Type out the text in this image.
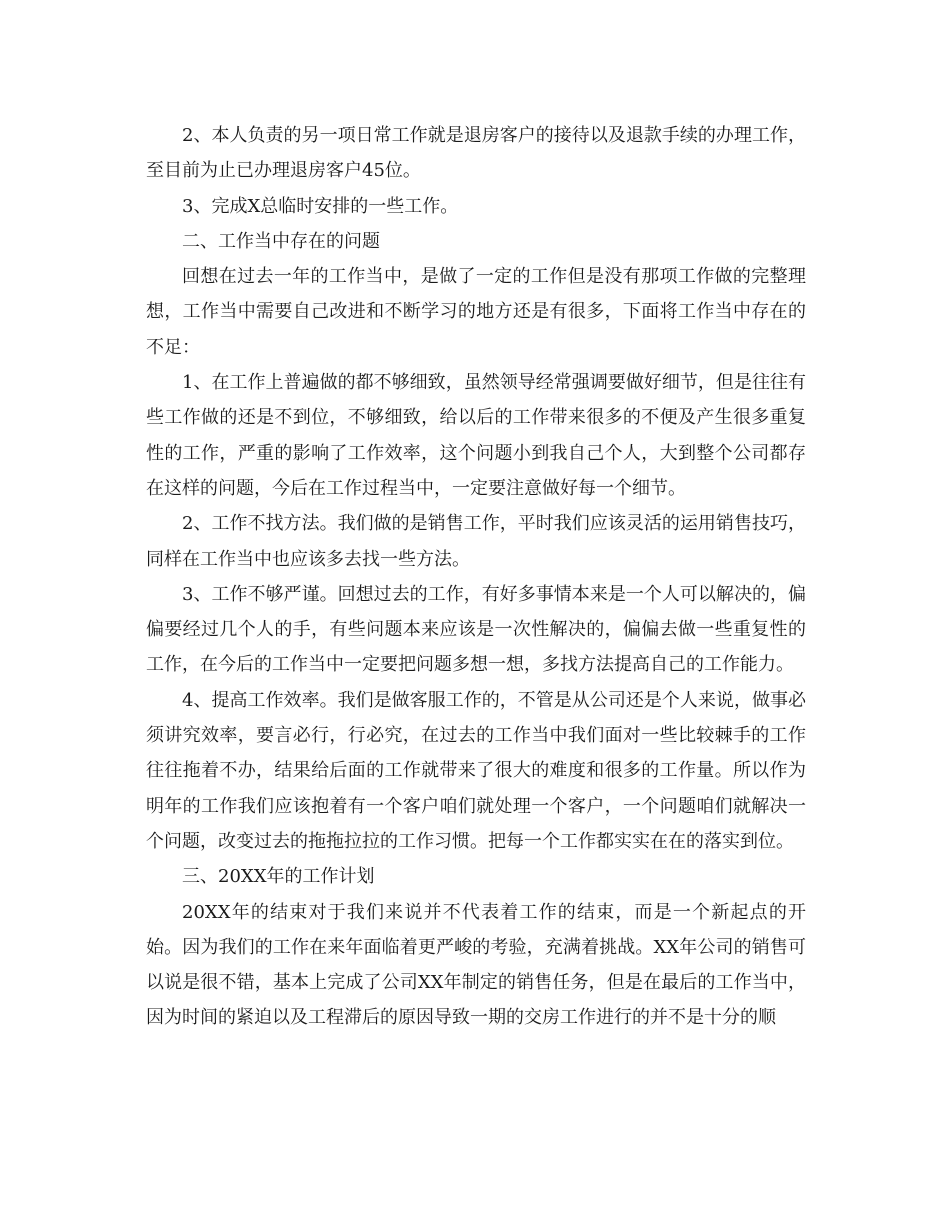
2、本人负责的另一项日常工作就是退房客户的接待以及退款手续的办理工作，至目前为止已办理退房客户45位。

3、完成X总临时安排的一些工作。

二、工作当中存在的问题

回想在过去一年的工作当中，是做了一定的工作但是没有那项工作做的完整理想，工作当中需要自己改进和不断学习的地方还是有很多，下面将工作当中存在的不足：

1、在工作上普遍做的都不够细致，虽然领导经常强调要做好细节，但是往往有些工作做的还是不到位，不够细致，给以后的工作带来很多的不便及产生很多重复性的工作，严重的影响了工作效率，这个问题小到我自己个人，大到整个公司都存在这样的问题，今后在工作过程当中，一定要注意做好每一个细节。

2、工作不找方法。我们做的是销售工作，平时我们应该灵活的运用销售技巧，同样在工作当中也应该多去找一些方法。

3、工作不够严谨。回想过去的工作，有好多事情本来是一个人可以解决的，偏偏要经过几个人的手，有些问题本来应该是一次性解决的，偏偏去做一些重复性的工作，在今后的工作当中一定要把问题多想一想，多找方法提高自己的工作能力。

4、提高工作效率。我们是做客服工作的，不管是从公司还是个人来说，做事必须讲究效率，要言必行，行必究，在过去的工作当中我们面对一些比较棘手的工作往往拖着不办，结果给后面的工作就带来了很大的难度和很多的工作量。所以作为明年的工作我们应该抱着有一个客户咱们就处理一个客户，一个问题咱们就解决一个问题，改变过去的拖拖拉拉的工作习惯。把每一个工作都实实在在的落实到位。

三、20XX年的工作计划

20XX年的结束对于我们来说并不代表着工作的结束，而是一个新起点的开始。因为我们的工作在来年面临着更严峻的考验，充满着挑战。XX年公司的销售可以说是很不错，基本上完成了公司XX年制定的销售任务，但是在最后的工作当中，因为时间的紧迫以及工程滞后的原因导致一期的交房工作进行的并不是十分的顺
